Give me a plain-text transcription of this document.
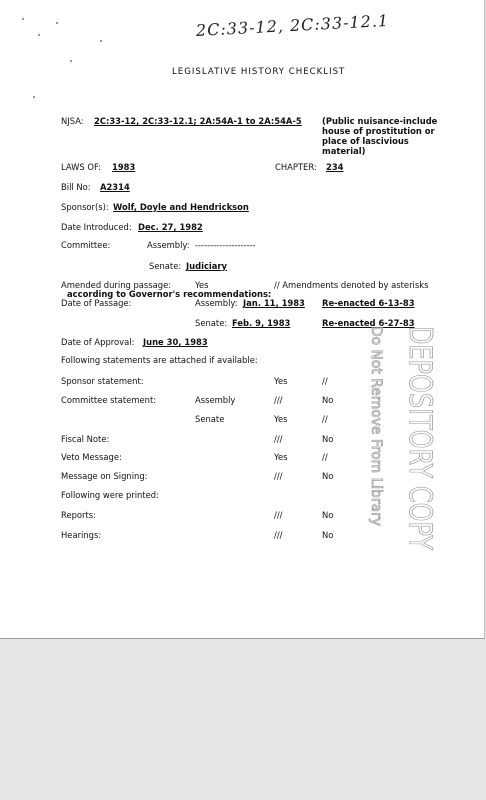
2C:33-12, 2C:33-12.1
LEGISLATIVE HISTORY CHECKLIST
NJSA: 2C:33-12, 2C:33-12.1; 2A:54A-1 to 2A:54A-5 (Public nuisance-include
house of prostitution or
place of lascivious
material)
LAWS OF: 1983	CHAPTER: 234
Bill No: A2314
Sponsor(s): Wolf, Doyle and Hendrickson
Date Introduced: Dec. 27, 1982
Committee:	Assembly: --------------------
Senate: Judiciary
Amended during passage:	Yes	// Amendments denoted by asterisks
according to Governor's recommendations:
Date of Passage:	Assembly: Jan. 11, 1983 Re-enacted 6-13-83
Senate: Feb. 9, 1983	Re-enacted 6-27-83
Date of Approval: June 30, 1983
Following statements are attached if available:
Sponsor statement:	Yes	//
Committee statement:	Assembly	///	No
Senate	Yes	//
Fiscal Note:	///	No
Veto Message:	Yes	//
Message on Signing:	///	No
Following were printed:
Reports:	///	No
Hearings:	///	No DEPOSITORY COPY
Do Not Remove From Library
